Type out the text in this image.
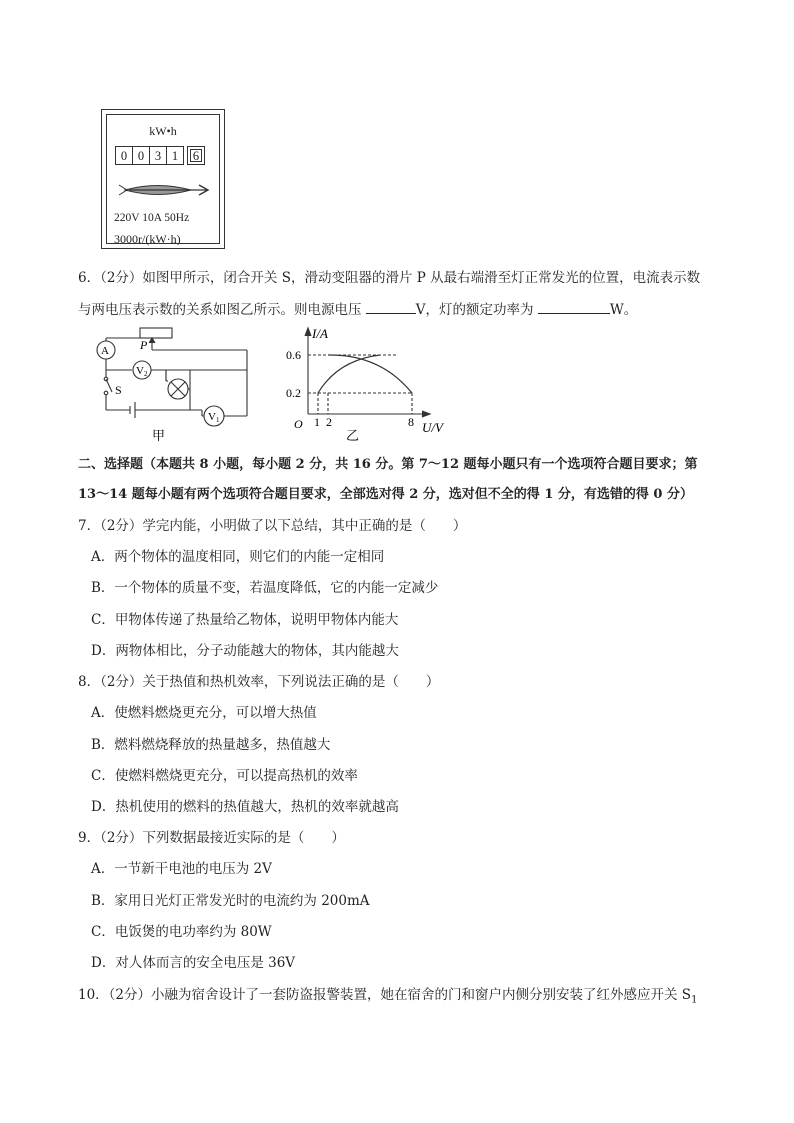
kW•h
0 0 3 1	6
220V 10A 50Hz
3000r/(kW·h)
6．（2分）如图甲所示，闭合开关 S，滑动变阻器的滑片 P 从最右端滑至灯正常发光的位置，电流表示数
与两电压表示数的关系如图乙所示。则电源电压	V，灯的额定功率为	W。
A	P
S
V 2
V 1
甲
I/A
0.6
0.2
O 1 2	8 U/V
乙
二、选择题（本题共 8 小题，每小题 2 分，共 16 分。第 7～12 题每小题只有一个选项符合题目要求；第
13～14 题每小题有两个选项符合题目要求，全部选对得 2 分，选对但不全的得 1 分，有选错的得 0 分）
7．（2分）学完内能，小明做了以下总结，其中正确的是（　　）
A．两个物体的温度相同，则它们的内能一定相同
B．一个物体的质量不变，若温度降低，它的内能一定减少
C．甲物体传递了热量给乙物体，说明甲物体内能大
D．两物体相比，分子动能越大的物体，其内能越大
8．（2分）关于热值和热机效率，下列说法正确的是（　　）
A．使燃料燃烧更充分，可以增大热值
B．燃料燃烧释放的热量越多，热值越大
C．使燃料燃烧更充分，可以提高热机的效率
D．热机使用的燃料的热值越大，热机的效率就越高
9．（2分）下列数据最接近实际的是（　　）
A．一节新干电池的电压为 2V
B．家用日光灯正常发光时的电流约为 200mA
C．电饭煲的电功率约为 80W
D．对人体而言的安全电压是 36V
10．（2分）小融为宿舍设计了一套防盗报警装置，她在宿舍的门和窗户内侧分别安装了红外感应开关 $S_1$
